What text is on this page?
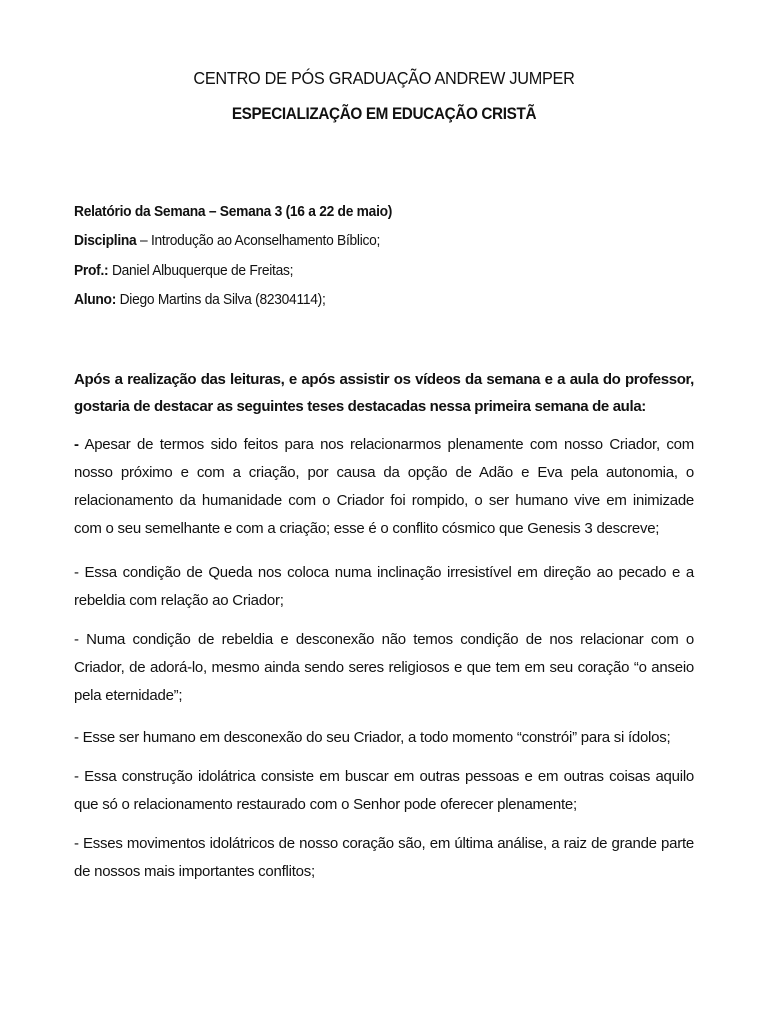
CENTRO DE PÓS GRADUAÇÃO ANDREW JUMPER
ESPECIALIZAÇÃO EM EDUCAÇÃO CRISTÃ
Relatório da Semana – Semana 3 (16 a 22 de maio)
Disciplina – Introdução ao Aconselhamento Bíblico;
Prof.: Daniel Albuquerque de Freitas;
Aluno: Diego Martins da Silva (82304114);
Após a realização das leituras, e após assistir os vídeos da semana e a aula do professor, gostaria de destacar as seguintes teses destacadas nessa primeira semana de aula:
- Apesar de termos sido feitos para nos relacionarmos plenamente com nosso Criador, com nosso próximo e com a criação, por causa da opção de Adão e Eva pela autonomia, o relacionamento da humanidade com o Criador foi rompido, o ser humano vive em inimizade com o seu semelhante e com a criação; esse é o conflito cósmico que Genesis 3 descreve;
- Essa condição de Queda nos coloca numa inclinação irresistível em direção ao pecado e a rebeldia com relação ao Criador;
- Numa condição de rebeldia e desconexão não temos condição de nos relacionar com o Criador, de adorá-lo, mesmo ainda sendo seres religiosos e que tem em seu coração “o anseio pela eternidade”;
- Esse ser humano em desconexão do seu Criador, a todo momento “constrói” para si ídolos;
- Essa construção idolátrica consiste em buscar em outras pessoas e em outras coisas aquilo que só o relacionamento restaurado com o Senhor pode oferecer plenamente;
- Esses movimentos idolátricos de nosso coração são, em última análise, a raiz de grande parte de nossos mais importantes conflitos;
